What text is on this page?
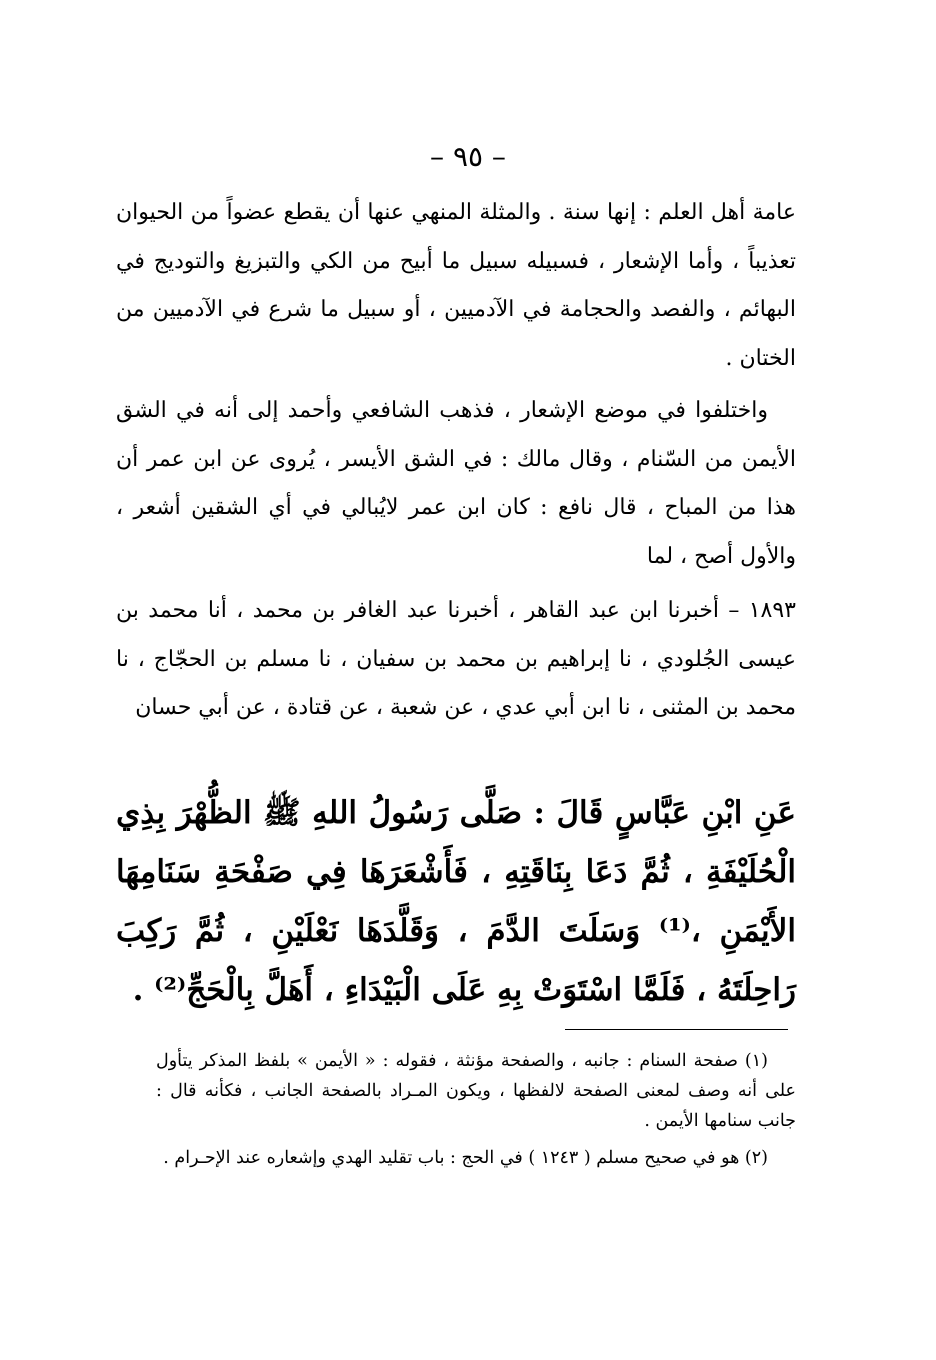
– ٩٥ –
عامة أهل العلم : إنها سنة . والمثلة المنهي عنها أن يقطع عضواً من الحيوان تعذيباً ، وأما الإشعار ، فسبيله سبيل ما أبيح من الكي والتبزيغ والتوديج في البهائم ، والفصد والحجامة في الآدميين ، أو سبيل ما شرع في الآدميين من الختان .
واختلفوا في موضع الإشعار ، فذهب الشافعي وأحمد إلى أنه في الشق الأيمن من السّنام ، وقال مالك : في الشق الأيسر ، يُروى عن ابن عمر أن هذا من المباح ، قال نافع : كان ابن عمر لايُبالي في أي الشقين أشعر ، والأول أصح ، لما
١٨٩٣ – أخبرنا ابن عبد القاهر ، أخبرنا عبد الغافر بن محمد ، أنا محمد بن عيسى الجُلودي ، نا إبراهيم بن محمد بن سفيان ، نا مسلم بن الحجّاج ، نا محمد بن المثنى ، نا ابن أبي عدي ، عن شعبة ، عن قتادة ، عن أبي حسان
عَنِ ابْنِ عَبَّاسٍ قَالَ : صَلَّى رَسُولُ اللهِ ﷺ الظُّهْرَ بِذِي الْحُلَيْفَةِ ، ثُمَّ دَعَا بِنَاقَتِهِ ، فَأَشْعَرَهَا فِي صَفْحَةِ سَنَامِهَا الأَيْمَنِ ،⁽¹⁾ وَسَلَتَ الدَّمَ ، وَقَلَّدَهَا نَعْلَيْنِ ، ثُمَّ رَكِبَ رَاحِلَتَهُ ، فَلَمَّا اسْتَوَتْ بِهِ عَلَى الْبَيْدَاءِ ، أَهَلَّ بِالْحَجِّ⁽²⁾ .
(١) صفحة السنام : جانبه ، والصفحة مؤنثة ، فقوله : « الأيمن » بلفظ المذكر يتأول على أنه وصف لمعنى الصفحة لالفظها ، ويكون المـراد بالصفحة الجانب ، فكأنه قال : جانب سنامها الأيمن .
(٢) هو في صحيح مسلم ( ١٢٤٣ ) في الحج : باب تقليد الهدي وإشعاره عند الإحـرام .
